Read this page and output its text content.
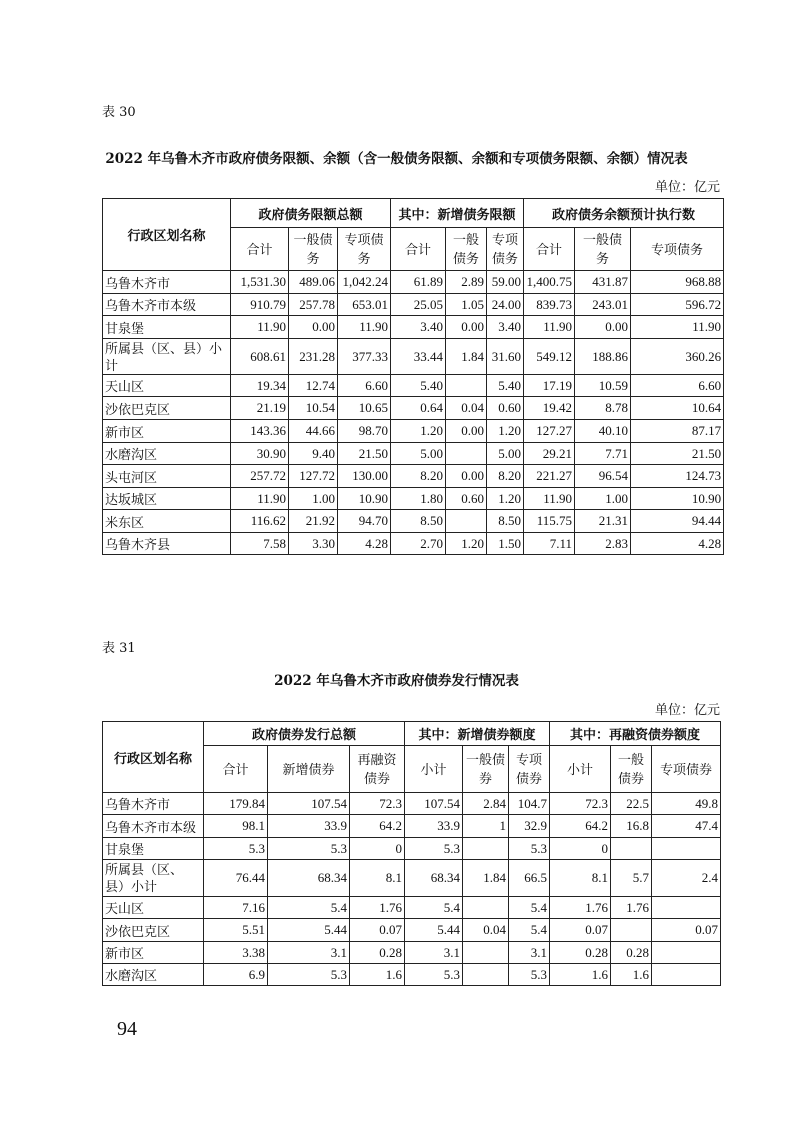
表 30
2022 年乌鲁木齐市政府债务限额、余额（含一般债务限额、余额和专项债务限额、余额）情况表
单位：亿元
行政区划名称	政府债务限额总额			其中：新增债务限额			政府债务余额预计执行数		
	合计	一般债务	专项债务	合计	一般债务	专项债务	合计	一般债务	专项债务
乌鲁木齐市	1,531.30	489.06	1,042.24	61.89	2.89	59.00	1,400.75	431.87	968.88
乌鲁木齐市本级	910.79	257.78	653.01	25.05	1.05	24.00	839.73	243.01	596.72
甘泉堡	11.90	0.00	11.90	3.40	0.00	3.40	11.90	0.00	11.90
所属县（区、县）小计	608.61	231.28	377.33	33.44	1.84	31.60	549.12	188.86	360.26
天山区	19.34	12.74	6.60	5.40		5.40	17.19	10.59	6.60
沙依巴克区	21.19	10.54	10.65	0.64	0.04	0.60	19.42	8.78	10.64
新市区	143.36	44.66	98.70	1.20	0.00	1.20	127.27	40.10	87.17
水磨沟区	30.90	9.40	21.50	5.00		5.00	29.21	7.71	21.50
头屯河区	257.72	127.72	130.00	8.20	0.00	8.20	221.27	96.54	124.73
达坂城区	11.90	1.00	10.90	1.80	0.60	1.20	11.90	1.00	10.90
米东区	116.62	21.92	94.70	8.50		8.50	115.75	21.31	94.44
乌鲁木齐县	7.58	3.30	4.28	2.70	1.20	1.50	7.11	2.83	4.28
表 31
2022 年乌鲁木齐市政府债券发行情况表
单位：亿元
行政区划名称	政府债券发行总额			其中：新增债券额度			其中：再融资债券额度		
	合计	新增债券	再融资债券	小计	一般债券	专项债券	小计	一般债券	专项债券
乌鲁木齐市	179.84	107.54	72.3	107.54	2.84	104.7	72.3	22.5	49.8
乌鲁木齐市本级	98.1	33.9	64.2	33.9	1	32.9	64.2	16.8	47.4
甘泉堡	5.3	5.3	0	5.3		5.3	0		
所属县（区、县）小计	76.44	68.34	8.1	68.34	1.84	66.5	8.1	5.7	2.4
天山区	7.16	5.4	1.76	5.4		5.4	1.76	1.76	
沙依巴克区	5.51	5.44	0.07	5.44	0.04	5.4	0.07		0.07
新市区	3.38	3.1	0.28	3.1		3.1	0.28	0.28	
水磨沟区	6.9	5.3	1.6	5.3		5.3	1.6	1.6	
94
